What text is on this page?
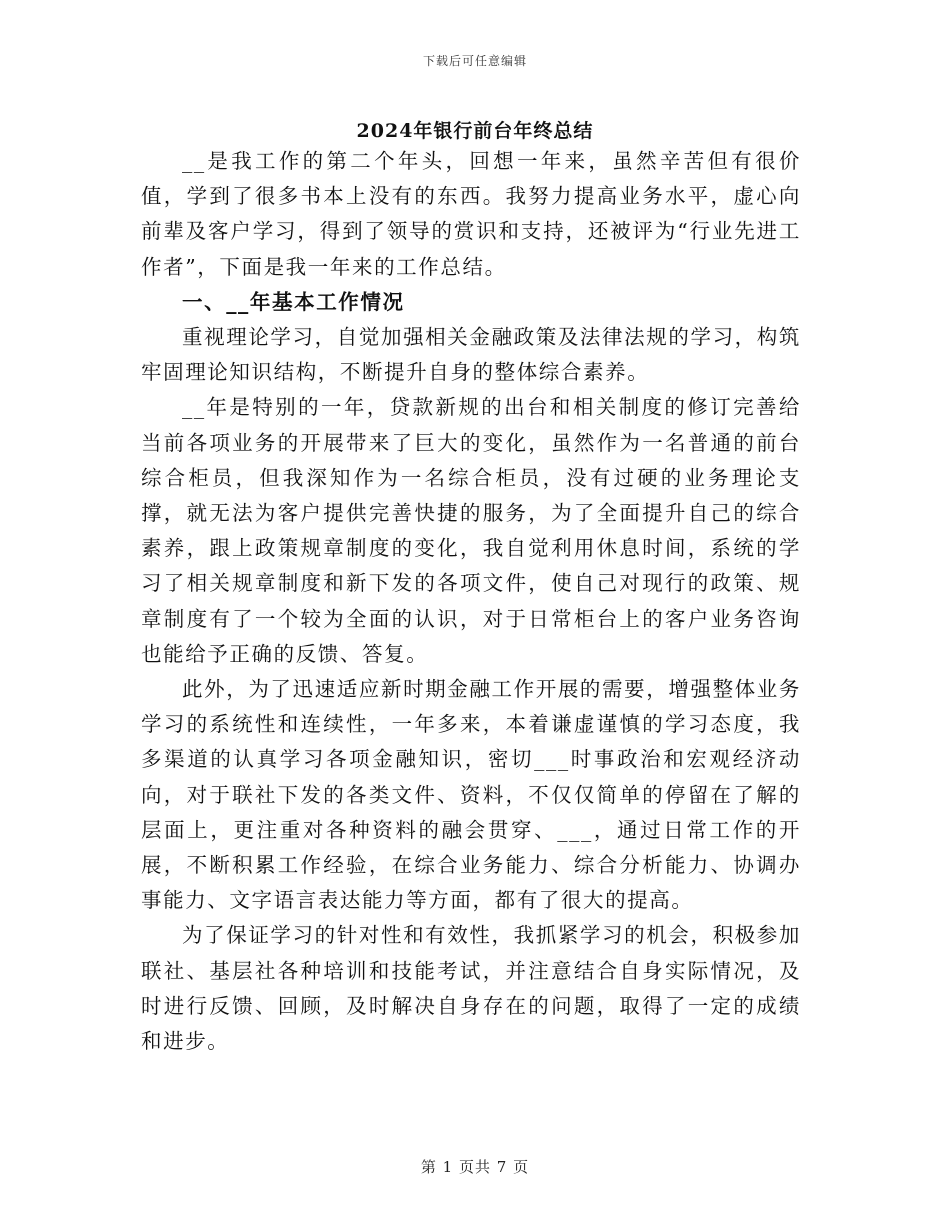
下载后可任意编辑
2024年银行前台年终总结

__是我工作的第二个年头，回想一年来，虽然辛苦但有很价值，学到了很多书本上没有的东西。我努力提高业务水平，虚心向前辈及客户学习，得到了领导的赏识和支持，还被评为“行业先进工作者”，下面是我一年来的工作总结。

一、__年基本工作情况

重视理论学习，自觉加强相关金融政策及法律法规的学习，构筑牢固理论知识结构，不断提升自身的整体综合素养。

__年是特别的一年，贷款新规的出台和相关制度的修订完善给当前各项业务的开展带来了巨大的变化，虽然作为一名普通的前台综合柜员，但我深知作为一名综合柜员，没有过硬的业务理论支撑，就无法为客户提供完善快捷的服务，为了全面提升自己的综合素养，跟上政策规章制度的变化，我自觉利用休息时间，系统的学习了相关规章制度和新下发的各项文件，使自己对现行的政策、规章制度有了一个较为全面的认识，对于日常柜台上的客户业务咨询也能给予正确的反馈、答复。

此外，为了迅速适应新时期金融工作开展的需要，增强整体业务学习的系统性和连续性，一年多来，本着谦虚谨慎的学习态度，我多渠道的认真学习各项金融知识，密切___时事政治和宏观经济动向，对于联社下发的各类文件、资料，不仅仅简单的停留在了解的层面上，更注重对各种资料的融会贯穿、___，通过日常工作的开展，不断积累工作经验，在综合业务能力、综合分析能力、协调办事能力、文字语言表达能力等方面，都有了很大的提高。

为了保证学习的针对性和有效性，我抓紧学习的机会，积极参加联社、基层社各种培训和技能考试，并注意结合自身实际情况，及时进行反馈、回顾，及时解决自身存在的问题，取得了一定的成绩和进步。

第 1 页共 7 页
